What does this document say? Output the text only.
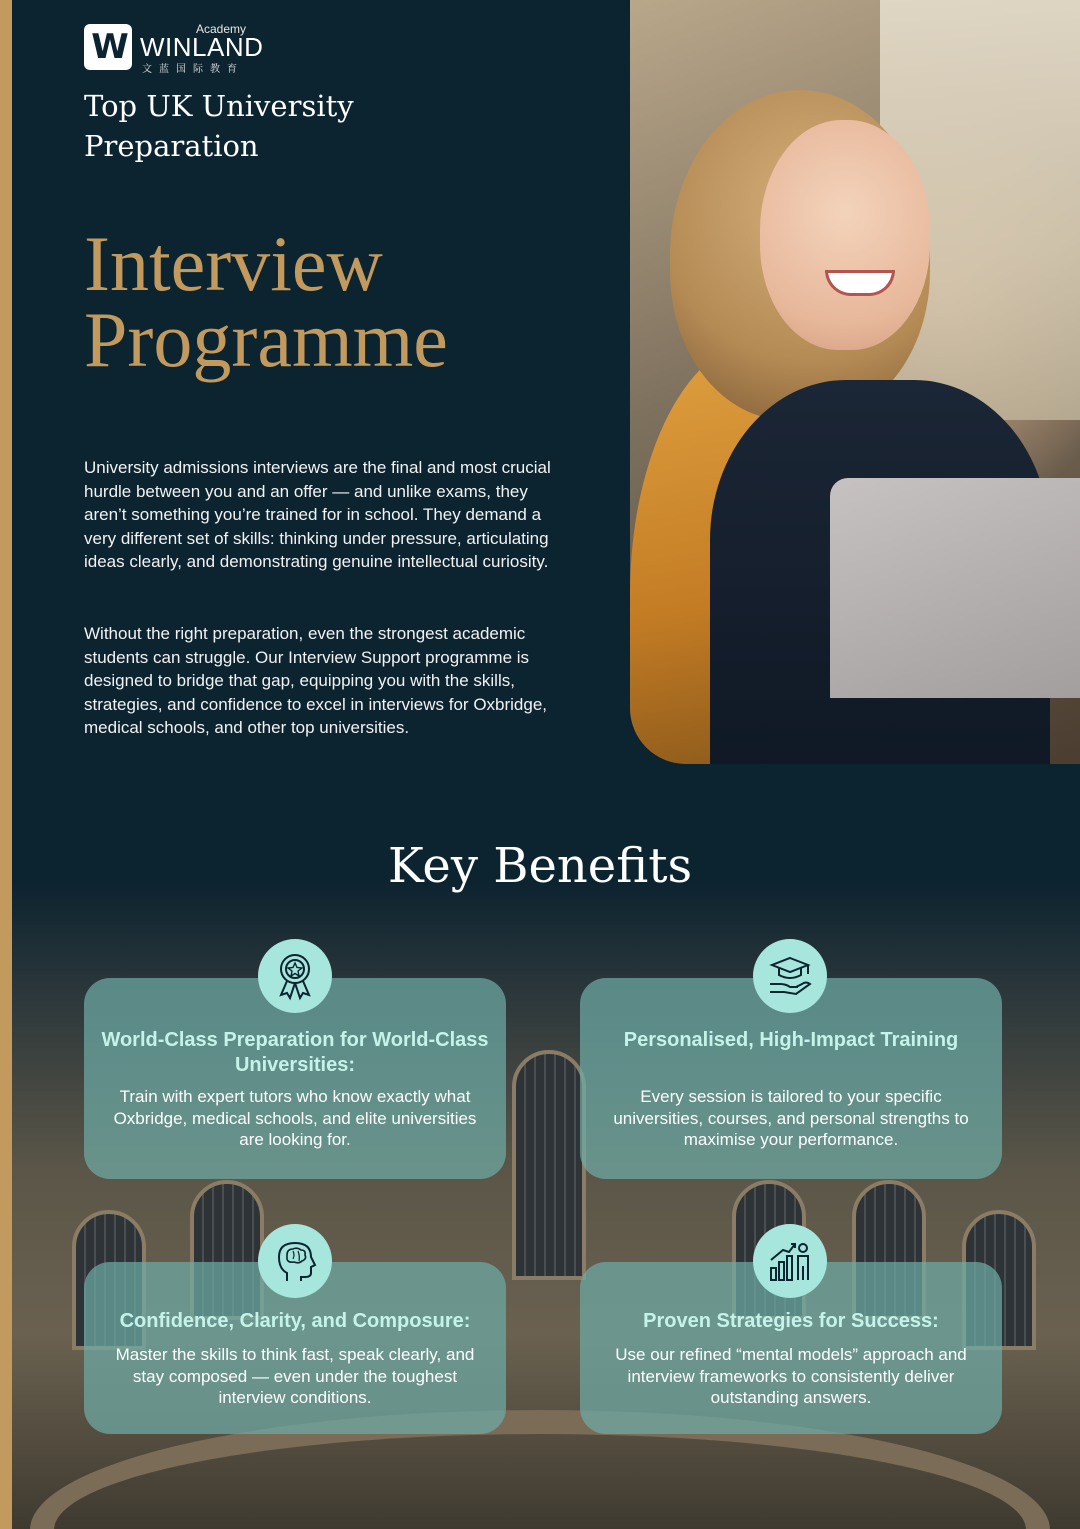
W	Academy
WINLAND
文蓝国际教育
Top UK University
Preparation
Interview
Programme

University admissions interviews are the final and most crucial hurdle between you and an offer — and unlike exams, they aren’t something you’re trained for in school. They demand a very different set of skills: thinking under pressure, articulating ideas clearly, and demonstrating genuine intellectual curiosity.

Without the right preparation, even the strongest academic students can struggle. Our Interview Support programme is designed to bridge that gap, equipping you with the skills, strategies, and confidence to excel in interviews for Oxbridge, medical schools, and other top universities.

Key Benefits
World-Class Preparation for World-Class Universities:
Train with expert tutors who know exactly what Oxbridge, medical schools, and elite universities are looking for.
Personalised, High-Impact Training
Every session is tailored to your specific universities, courses, and personal strengths to maximise your performance.
Confidence, Clarity, and Composure:
Master the skills to think fast, speak clearly, and stay composed — even under the toughest interview conditions.
Proven Strategies for Success:
Use our refined “mental models” approach and interview frameworks to consistently deliver outstanding answers.
